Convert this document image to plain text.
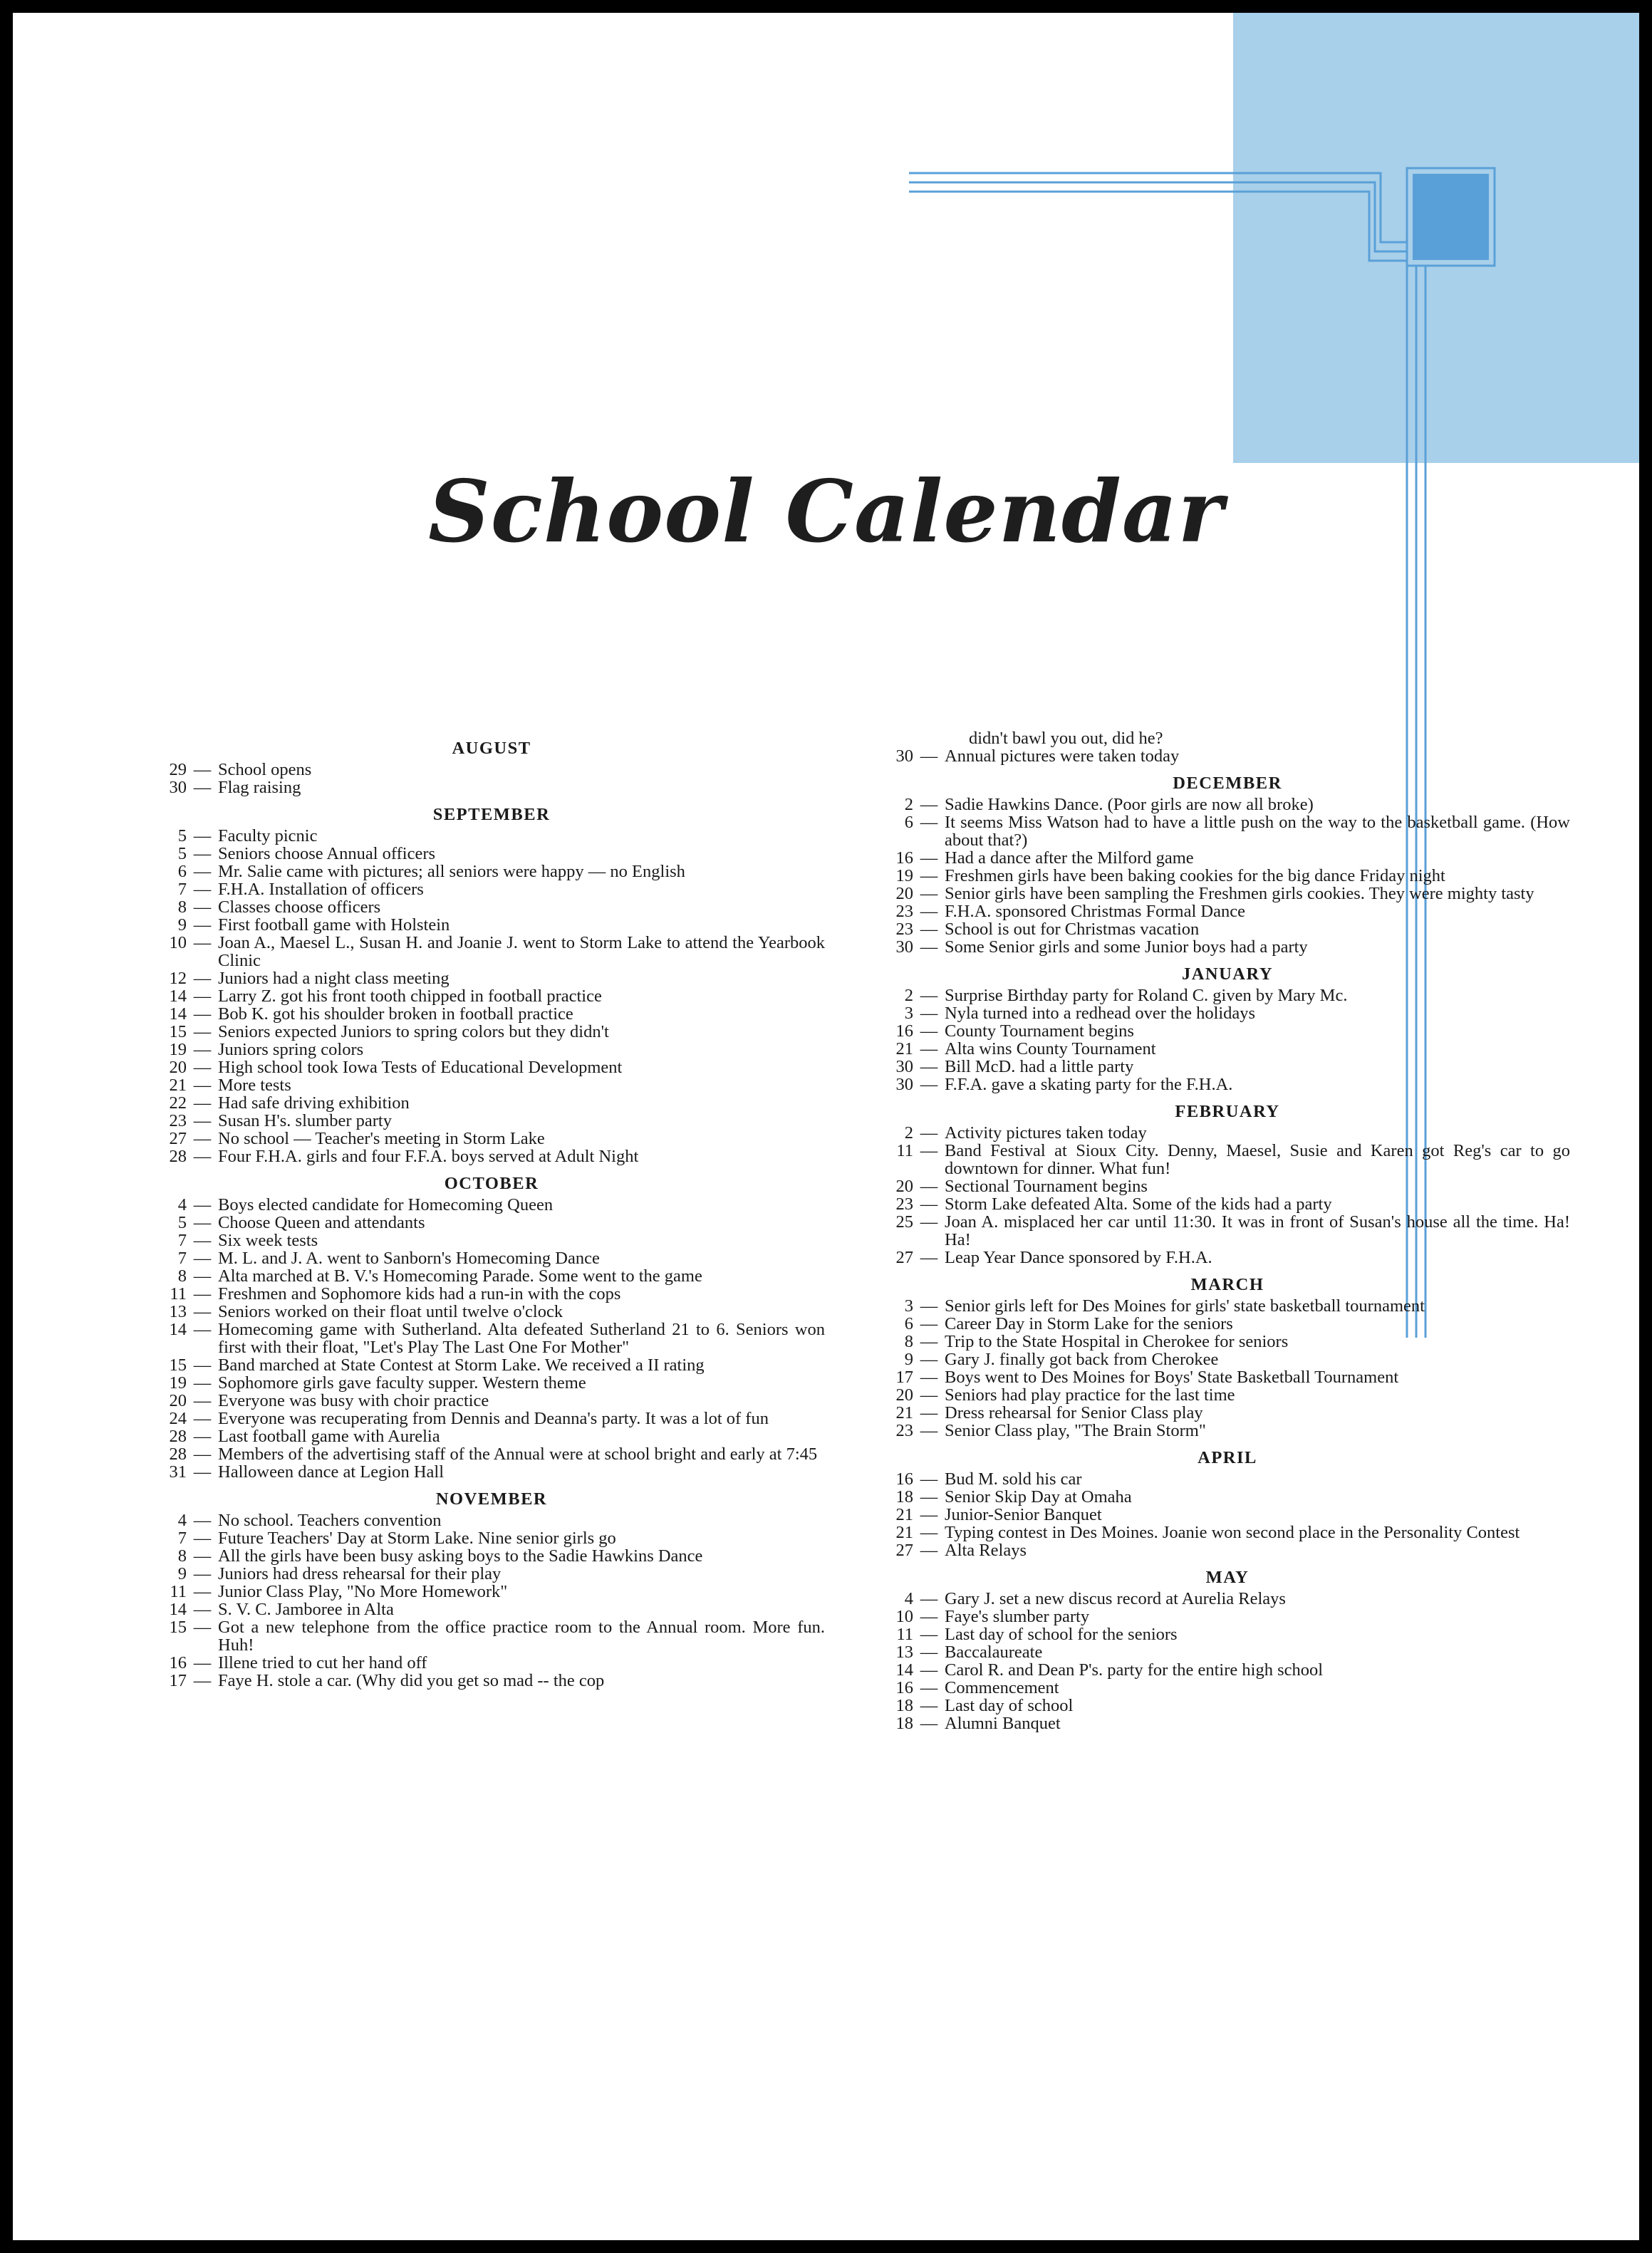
School Calendar
AUGUST
29 — School opens
30 — Flag raising
SEPTEMBER
5 — Faculty picnic
5 — Seniors choose Annual officers
6 — Mr. Salie came with pictures; all seniors were happy — no English
7 — F.H.A. Installation of officers
8 — Classes choose officers
9 — First football game with Holstein
10 — Joan A., Maesel L., Susan H. and Joanie J. went to Storm Lake to attend the Yearbook Clinic
12 — Juniors had a night class meeting
14 — Larry Z. got his front tooth chipped in football practice
14 — Bob K. got his shoulder broken in football practice
15 — Seniors expected Juniors to spring colors but they didn't
19 — Juniors spring colors
20 — High school took Iowa Tests of Educational Development
21 — More tests
22 — Had safe driving exhibition
23 — Susan H's. slumber party
27 — No school — Teacher's meeting in Storm Lake
28 — Four F.H.A. girls and four F.F.A. boys served at Adult Night
OCTOBER
4 — Boys elected candidate for Homecoming Queen
5 — Choose Queen and attendants
7 — Six week tests
7 — M. L. and J. A. went to Sanborn's Homecoming Dance
8 — Alta marched at B. V.'s Homecoming Parade. Some went to the game
11 — Freshmen and Sophomore kids had a run-in with the cops
13 — Seniors worked on their float until twelve o'clock
14 — Homecoming game with Sutherland. Alta defeated Sutherland 21 to 6. Seniors won first with their float, "Let's Play The Last One For Mother"
15 — Band marched at State Contest at Storm Lake. We received a II rating
19 — Sophomore girls gave faculty supper. Western theme
20 — Everyone was busy with choir practice
24 — Everyone was recuperating from Dennis and Deanna's party. It was a lot of fun
28 — Last football game with Aurelia
28 — Members of the advertising staff of the Annual were at school bright and early at 7:45
31 — Halloween dance at Legion Hall
NOVEMBER
4 — No school. Teachers convention
7 — Future Teachers' Day at Storm Lake. Nine senior girls go
8 — All the girls have been busy asking boys to the Sadie Hawkins Dance
9 — Juniors had dress rehearsal for their play
11 — Junior Class Play, "No More Homework"
14 — S. V. C. Jamboree in Alta
15 — Got a new telephone from the office practice room to the Annual room. More fun. Huh!
16 — Illene tried to cut her hand off
17 — Faye H. stole a car. (Why did you get so mad -- the cop
didn't bawl you out, did he?
30 — Annual pictures were taken today
DECEMBER
2 — Sadie Hawkins Dance. (Poor girls are now all broke)
6 — It seems Miss Watson had to have a little push on the way to the basketball game. (How about that?)
16 — Had a dance after the Milford game
19 — Freshmen girls have been baking cookies for the big dance Friday night
20 — Senior girls have been sampling the Freshmen girls cookies. They were mighty tasty
23 — F.H.A. sponsored Christmas Formal Dance
23 — School is out for Christmas vacation
30 — Some Senior girls and some Junior boys had a party
JANUARY
2 — Surprise Birthday party for Roland C. given by Mary Mc.
3 — Nyla turned into a redhead over the holidays
16 — County Tournament begins
21 — Alta wins County Tournament
30 — Bill McD. had a little party
30 — F.F.A. gave a skating party for the F.H.A.
FEBRUARY
2 — Activity pictures taken today
11 — Band Festival at Sioux City. Denny, Maesel, Susie and Karen got Reg's car to go downtown for dinner. What fun!
20 — Sectional Tournament begins
23 — Storm Lake defeated Alta. Some of the kids had a party
25 — Joan A. misplaced her car until 11:30. It was in front of Susan's house all the time. Ha! Ha!
27 — Leap Year Dance sponsored by F.H.A.
MARCH
3 — Senior girls left for Des Moines for girls' state basketball tournament
6 — Career Day in Storm Lake for the seniors
8 — Trip to the State Hospital in Cherokee for seniors
9 — Gary J. finally got back from Cherokee
17 — Boys went to Des Moines for Boys' State Basketball Tournament
20 — Seniors had play practice for the last time
21 — Dress rehearsal for Senior Class play
23 — Senior Class play, "The Brain Storm"
APRIL
16 — Bud M. sold his car
18 — Senior Skip Day at Omaha
21 — Junior-Senior Banquet
21 — Typing contest in Des Moines. Joanie won second place in the Personality Contest
27 — Alta Relays
MAY
4 — Gary J. set a new discus record at Aurelia Relays
10 — Faye's slumber party
11 — Last day of school for the seniors
13 — Baccalaureate
14 — Carol R. and Dean P's. party for the entire high school
16 — Commencement
18 — Last day of school
18 — Alumni Banquet
